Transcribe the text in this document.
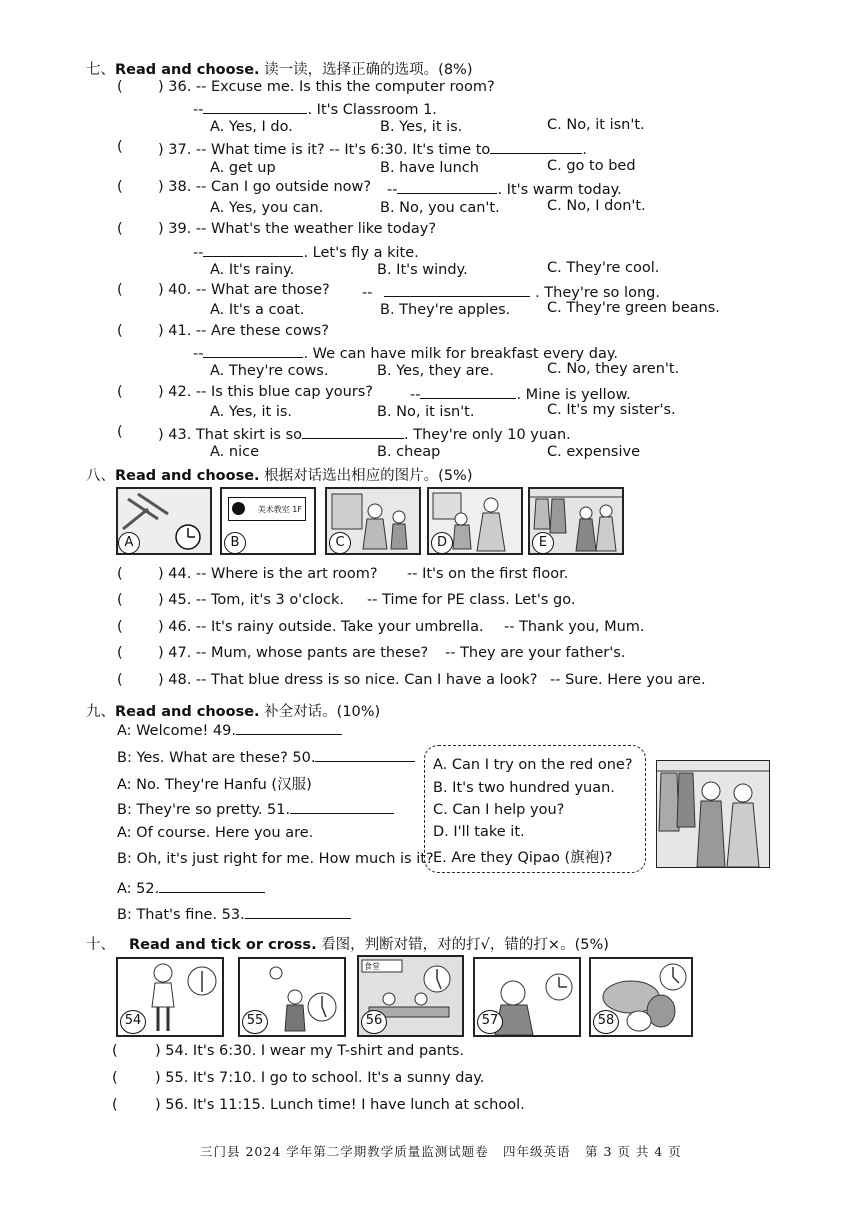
七、Read and choose. 读一读，选择正确的选项。(8%)
( ) 36. -- Excuse me. Is this the computer room?
--	. It's Classroom 1.
A. Yes, I do.	B. Yes, it is.	C. No, it isn't.
( ) 37. -- What time is it? -- It's 6:30. It's time to	.
A. get up	B. have lunch	C. go to bed
( ) 38. -- Can I go outside now? --	. It's warm today.
A. Yes, you can.	B. No, you can't.	C. No, I don't.
( ) 39. -- What's the weather like today?
--	. Let's fly a kite.
A. It's rainy.	B. It's windy.	C. They're cool.
( ) 40. -- What are those? --	. They're so long.
A. It's a coat.	B. They're apples.	C. They're green beans.
( ) 41. -- Are these cows?
--	. We can have milk for breakfast every day.
A. They're cows.	B. Yes, they are.	C. No, they aren't.
( ) 42. -- Is this blue cap yours?	--	. Mine is yellow.
A. Yes, it is.	B. No, it isn't.	C. It's my sister's.
( ) 43. That skirt is so	. They're only 10 yuan.
A. nice	B. cheap	C. expensive
八、Read and choose. 根据对话选出相应的图片。(5%)
A
美术教室 1F
B	C	D	E
( ) 44. -- Where is the art room? -- It's on the first floor.
( ) 45. -- Tom, it's 3 o'clock. -- Time for PE class. Let's go.
( ) 46. -- It's rainy outside. Take your umbrella. -- Thank you, Mum.
( ) 47. -- Mum, whose pants are these? -- They are your father's.
( ) 48. -- That blue dress is so nice. Can I have a look? -- Sure. Here you are.
九、Read and choose. 补全对话。(10%)
A: Welcome! 49.
B: Yes. What are these? 50.
A: No. They're Hanfu (汉服)
B: They're so pretty. 51.
A: Of course. Here you are.
B: Oh, it's just right for me. How much is it?
A: 52.
B: That's fine. 53.
A. Can I try on the red one?
B. It's two hundred yuan.
C. Can I help you?
D. I'll take it.
E. Are they Qipao (旗袍)?
十、 Read and tick or cross. 看图，判断对错，对的打√，错的打×。(5%)
54	55
食堂
56	57	58
(	) 54. It's 6:30. I wear my T-shirt and pants.
(	) 55. It's 7:10. I go to school. It's a sunny day.
(	) 56. It's 11:15. Lunch time! I have lunch at school.
三门县 2024 学年第二学期教学质量监测试题卷 四年级英语 第 3 页 共 4 页
